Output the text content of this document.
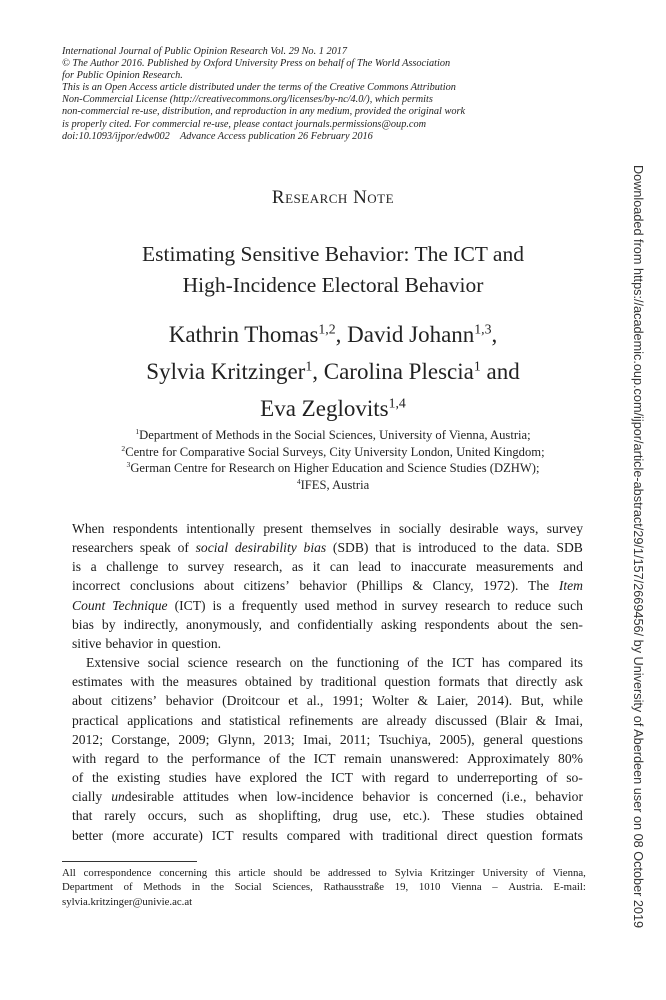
International Journal of Public Opinion Research Vol. 29 No. 1 2017
© The Author 2016. Published by Oxford University Press on behalf of The World Association
for Public Opinion Research.
This is an Open Access article distributed under the terms of the Creative Commons Attribution
Non-Commercial License (http://creativecommons.org/licenses/by-nc/4.0/), which permits
non-commercial re-use, distribution, and reproduction in any medium, provided the original work
is properly cited. For commercial re-use, please contact journals.permissions@oup.com
doi:10.1093/ijpor/edw002    Advance Access publication 26 February 2016
Research Note
Estimating Sensitive Behavior: The ICT and
High-Incidence Electoral Behavior
Kathrin Thomas$^{1,2}$, David Johann$^{1,3}$,
Sylvia Kritzinger$^1$, Carolina Plescia$^1$ and
Eva Zeglovits$^{1,4}$
$^1$Department of Methods in the Social Sciences, University of Vienna, Austria;
$^2$Centre for Comparative Social Surveys, City University London, United Kingdom;
$^3$German Centre for Research on Higher Education and Science Studies (DZHW);
$^4$IFES, Austria
When respondents intentionally present themselves in socially desirable ways, survey
researchers speak of social desirability bias (SDB) that is introduced to the data. SDB
is a challenge to survey research, as it can lead to inaccurate measurements and
incorrect conclusions about citizens’ behavior (Phillips & Clancy, 1972). The Item
Count Technique (ICT) is a frequently used method in survey research to reduce such
bias by indirectly, anonymously, and confidentially asking respondents about the sen-
sitive behavior in question.
Extensive social science research on the functioning of the ICT has compared its
estimates with the measures obtained by traditional question formats that directly ask
about citizens’ behavior (Droitcour et al., 1991; Wolter & Laier, 2014). But, while
practical applications and statistical refinements are already discussed (Blair & Imai,
2012; Corstange, 2009; Glynn, 2013; Imai, 2011; Tsuchiya, 2005), general questions
with regard to the performance of the ICT remain unanswered: Approximately 80%
of the existing studies have explored the ICT with regard to underreporting of so-
cially undesirable attitudes when low-incidence behavior is concerned (i.e., behavior
that rarely occurs, such as shoplifting, drug use, etc.). These studies obtained
better (more accurate) ICT results compared with traditional direct question formats
All correspondence concerning this article should be addressed to Sylvia Kritzinger University of Vienna,
Department of Methods in the Social Sciences, Rathausstraße 19, 1010 Vienna – Austria. E-mail:
sylvia.kritzinger@univie.ac.at	Downloaded from https://academic.oup.com/ijpor/article-abstract/29/1/157/2669456/ by University of Aberdeen user on 08 October 2019
